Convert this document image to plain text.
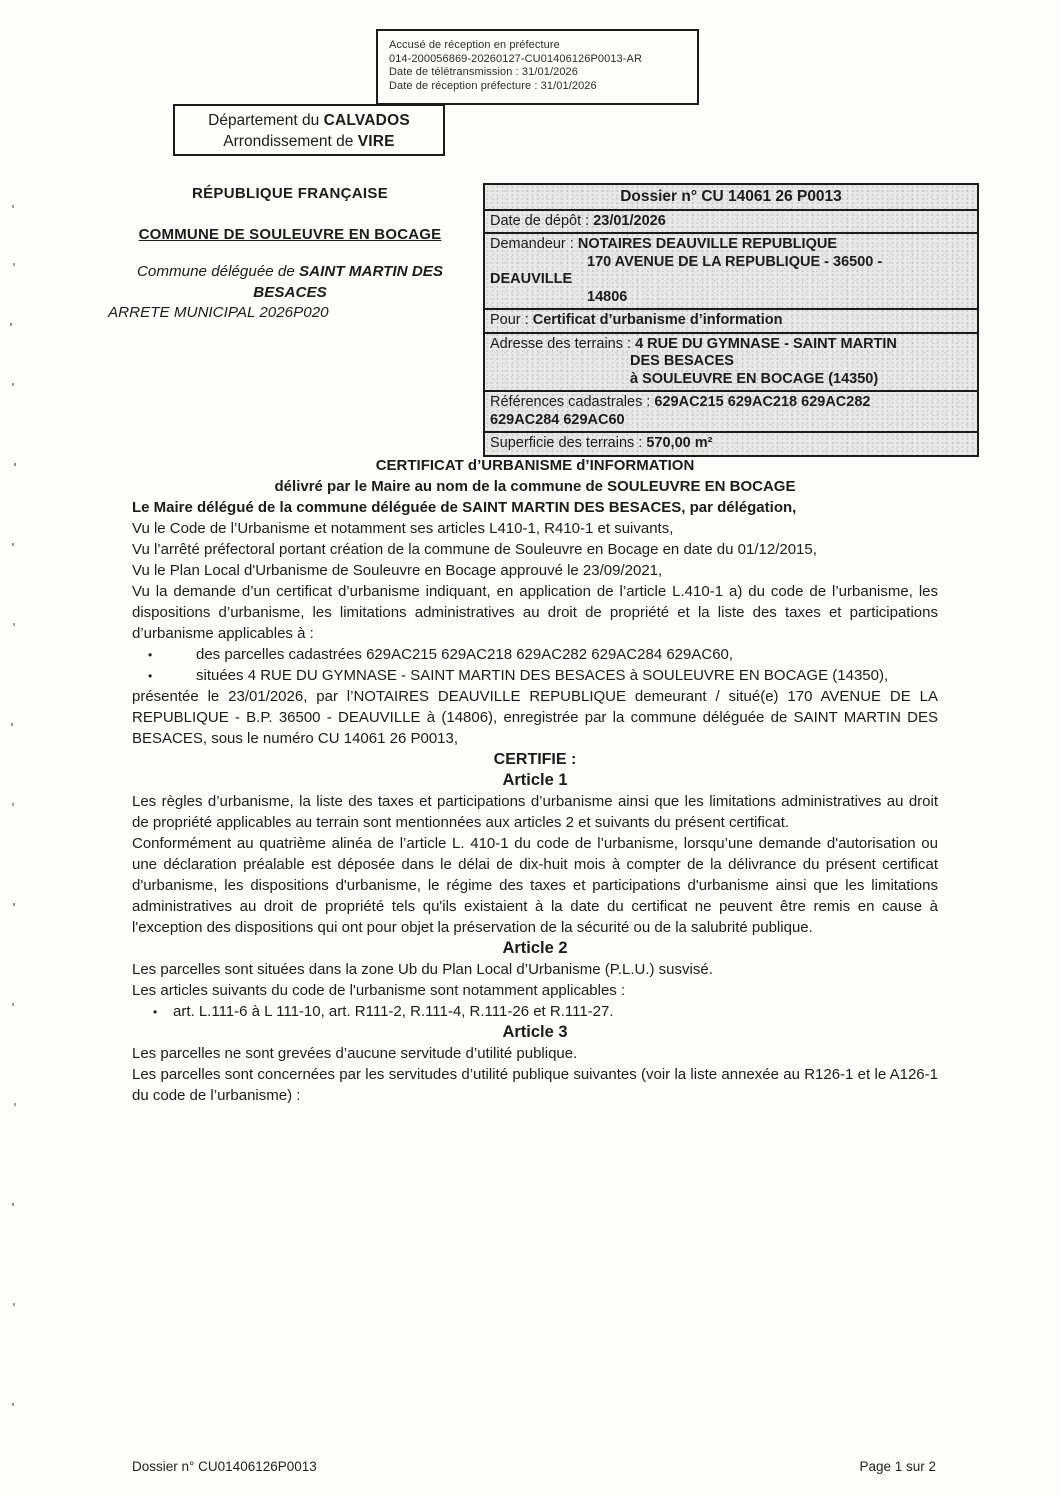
Accusé de réception en préfecture
014-200056869-20260127-CU01406126P0013-AR
Date de télétransmission : 31/01/2026
Date de réception préfecture : 31/01/2026
Département du CALVADOS
Arrondissement de VIRE
RÉPUBLIQUE FRANÇAISE
COMMUNE DE SOULEUVRE EN BOCAGE
Commune déléguée de SAINT MARTIN DES BESACES
ARRETE MUNICIPAL 2026P020
Dossier n° CU 14061 26 P0013
Date de dépôt : 23/01/2026
Demandeur : NOTAIRES DEAUVILLE REPUBLIQUE
170 AVENUE DE LA REPUBLIQUE - 36500 -
DEAUVILLE
14806
Pour : Certificat d’urbanisme d’information
Adresse des terrains : 4 RUE DU GYMNASE - SAINT MARTIN
DES BESACES
à SOULEUVRE EN BOCAGE (14350)
Références cadastrales : 629AC215 629AC218 629AC282
629AC284 629AC60
Superficie des terrains : 570,00 m²
CERTIFICAT d’URBANISME d’INFORMATION
délivré par le Maire au nom de la commune de SOULEUVRE EN BOCAGE
Le Maire délégué de la commune déléguée de SAINT MARTIN DES BESACES, par délégation,
Vu le Code de l’Urbanisme et notamment ses articles L410-1, R410-1 et suivants,
Vu l’arrêté préfectoral portant création de la commune de Souleuvre en Bocage en date du 01/12/2015,
Vu le Plan Local d'Urbanisme de Souleuvre en Bocage approuvé le 23/09/2021,

Vu la demande d’un certificat d’urbanisme indiquant, en application de l’article L.410-1 a) du code de l’urbanisme, les dispositions d’urbanisme, les limitations administratives au droit de propriété et la liste des taxes et participations d’urbanisme applicables à :

•	des parcelles cadastrées 629AC215 629AC218 629AC282 629AC284 629AC60,
•	situées 4 RUE DU GYMNASE - SAINT MARTIN DES BESACES à SOULEUVRE EN BOCAGE (14350),

présentée le 23/01/2026, par l’NOTAIRES DEAUVILLE REPUBLIQUE demeurant / situé(e) 170 AVENUE DE LA REPUBLIQUE - B.P. 36500 - DEAUVILLE à (14806), enregistrée par la commune déléguée de SAINT MARTIN DES BESACES, sous le numéro CU 14061 26 P0013,

CERTIFIE :
Article 1

Les règles d’urbanisme, la liste des taxes et participations d’urbanisme ainsi que les limitations administratives au droit de propriété applicables au terrain sont mentionnées aux articles 2 et suivants du présent certificat.

Conformément au quatrième alinéa de l’article L. 410-1 du code de l’urbanisme, lorsqu’une demande d'autorisation ou une déclaration préalable est déposée dans le délai de dix-huit mois à compter de la délivrance du présent certificat d'urbanisme, les dispositions d'urbanisme, le régime des taxes et participations d'urbanisme ainsi que les limitations administratives au droit de propriété tels qu'ils existaient à la date du certificat ne peuvent être remis en cause à l'exception des dispositions qui ont pour objet la préservation de la sécurité ou de la salubrité publique.

Article 2
Les parcelles sont situées dans la zone Ub du Plan Local d’Urbanisme (P.L.U.) susvisé.
Les articles suivants du code de l'urbanisme sont notamment applicables :
• art. L.111-6 à L 111-10, art. R111-2, R.111-4, R.111-26 et R.111-27.
Article 3
Les parcelles ne sont grevées d’aucune servitude d’utilité publique.
Les parcelles sont concernées par les servitudes d’utilité publique suivantes (voir la liste annexée au R126-1 et le A126-1 du code de l’urbanisme) :
Dossier n° CU01406126P0013	Page 1 sur 2
